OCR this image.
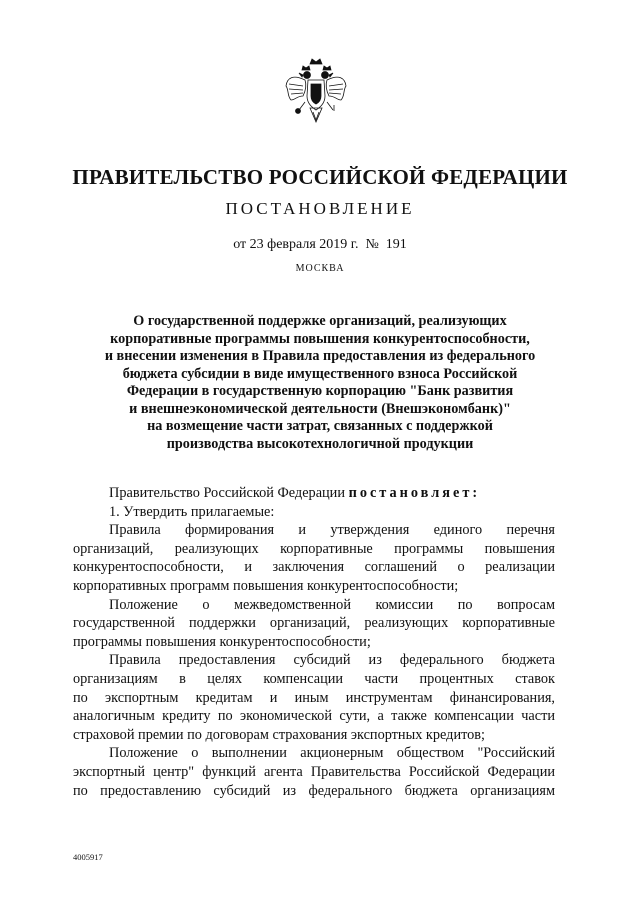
ПРАВИТЕЛЬСТВО РОССИЙСКОЙ ФЕДЕРАЦИИ
ПОСТАНОВЛЕНИЕ
от 23 февраля 2019 г.  №  191
МОСКВА
О государственной поддержке организаций, реализующих
корпоративные программы повышения конкурентоспособности,
и внесении изменения в Правила предоставления из федерального
бюджета субсидии в виде имущественного взноса Российской
Федерации в государственную корпорацию "Банк развития
и внешнеэкономической деятельности (Внешэкономбанк)"
на возмещение части затрат, связанных с поддержкой
производства высокотехнологичной продукции
Правительство Российской Федерации постановляет:
1. Утвердить прилагаемые:
Правила формирования и утверждения единого перечня
организаций, реализующих корпоративные программы повышения
конкурентоспособности, и заключения соглашений о реализации
корпоративных программ повышения конкурентоспособности;
Положение о межведомственной комиссии по вопросам
государственной поддержки организаций, реализующих корпоративные
программы повышения конкурентоспособности;
Правила предоставления субсидий из федерального бюджета
организациям в целях компенсации части процентных ставок
по экспортным кредитам и иным инструментам финансирования,
аналогичным кредиту по экономической сути, а также компенсации части
страховой премии по договорам страхования экспортных кредитов;
Положение о выполнении акционерным обществом "Российский
экспортный центр" функций агента Правительства Российской Федерации
по предоставлению субсидий из федерального бюджета организациям
4005917
